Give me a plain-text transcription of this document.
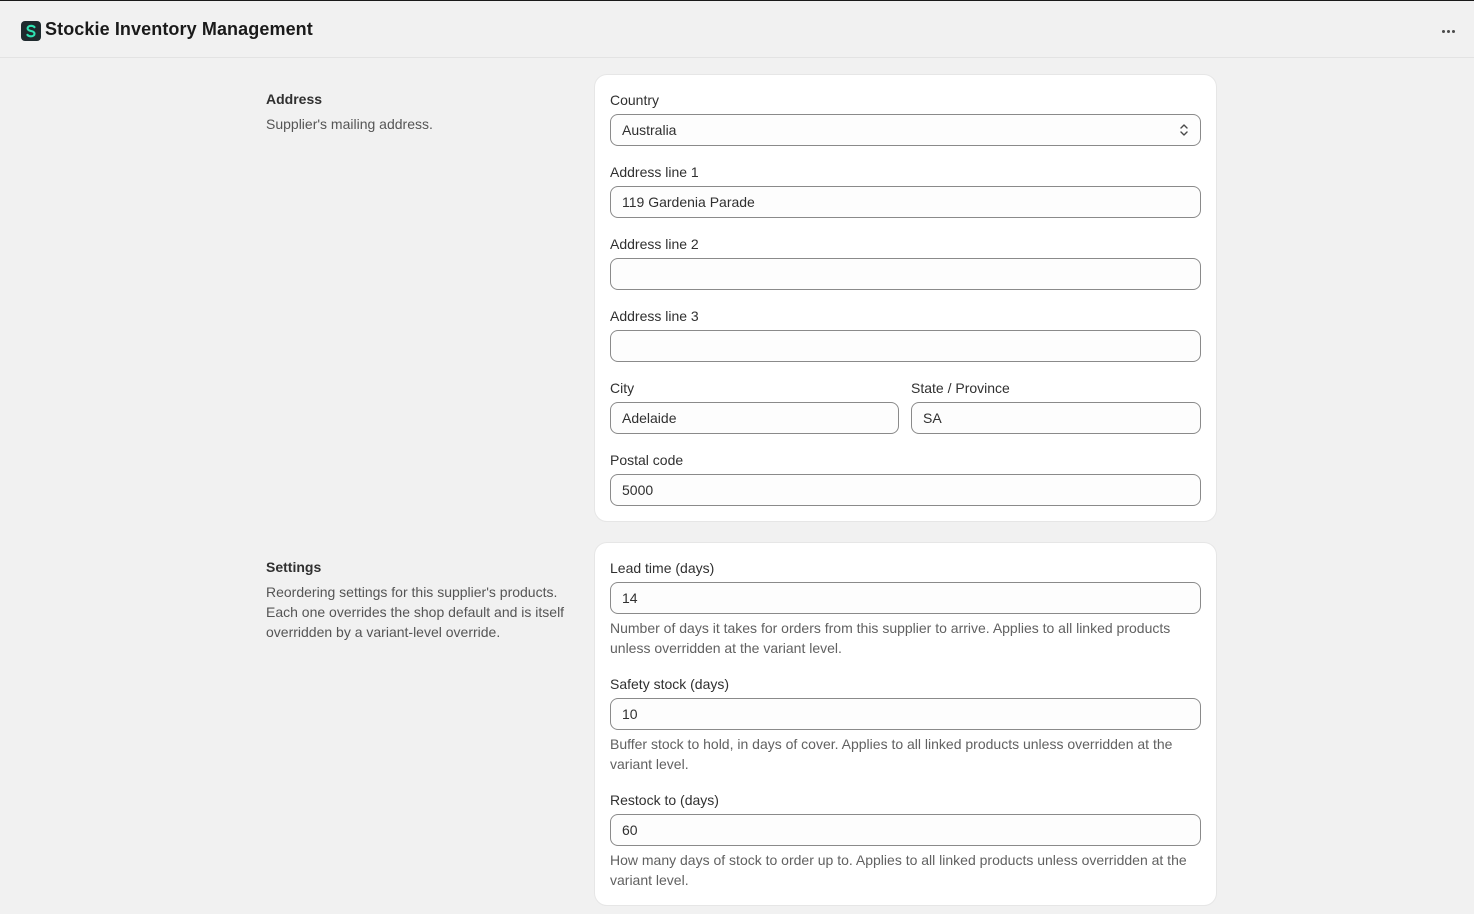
Stockie Inventory Management
Address
Supplier's mailing address.
Country
Australia
Address line 1
119 Gardenia Parade
Address line 2
Address line 3
City
Adelaide
State / Province
SA
Postal code
5000
Settings
Reordering settings for this supplier's products. Each one overrides the shop default and is itself overridden by a variant-level override.
Lead time (days)
14
Number of days it takes for orders from this supplier to arrive. Applies to all linked products unless overridden at the variant level.
Safety stock (days)
10
Buffer stock to hold, in days of cover. Applies to all linked products unless overridden at the variant level.
Restock to (days)
60
How many days of stock to order up to. Applies to all linked products unless overridden at the variant level.
